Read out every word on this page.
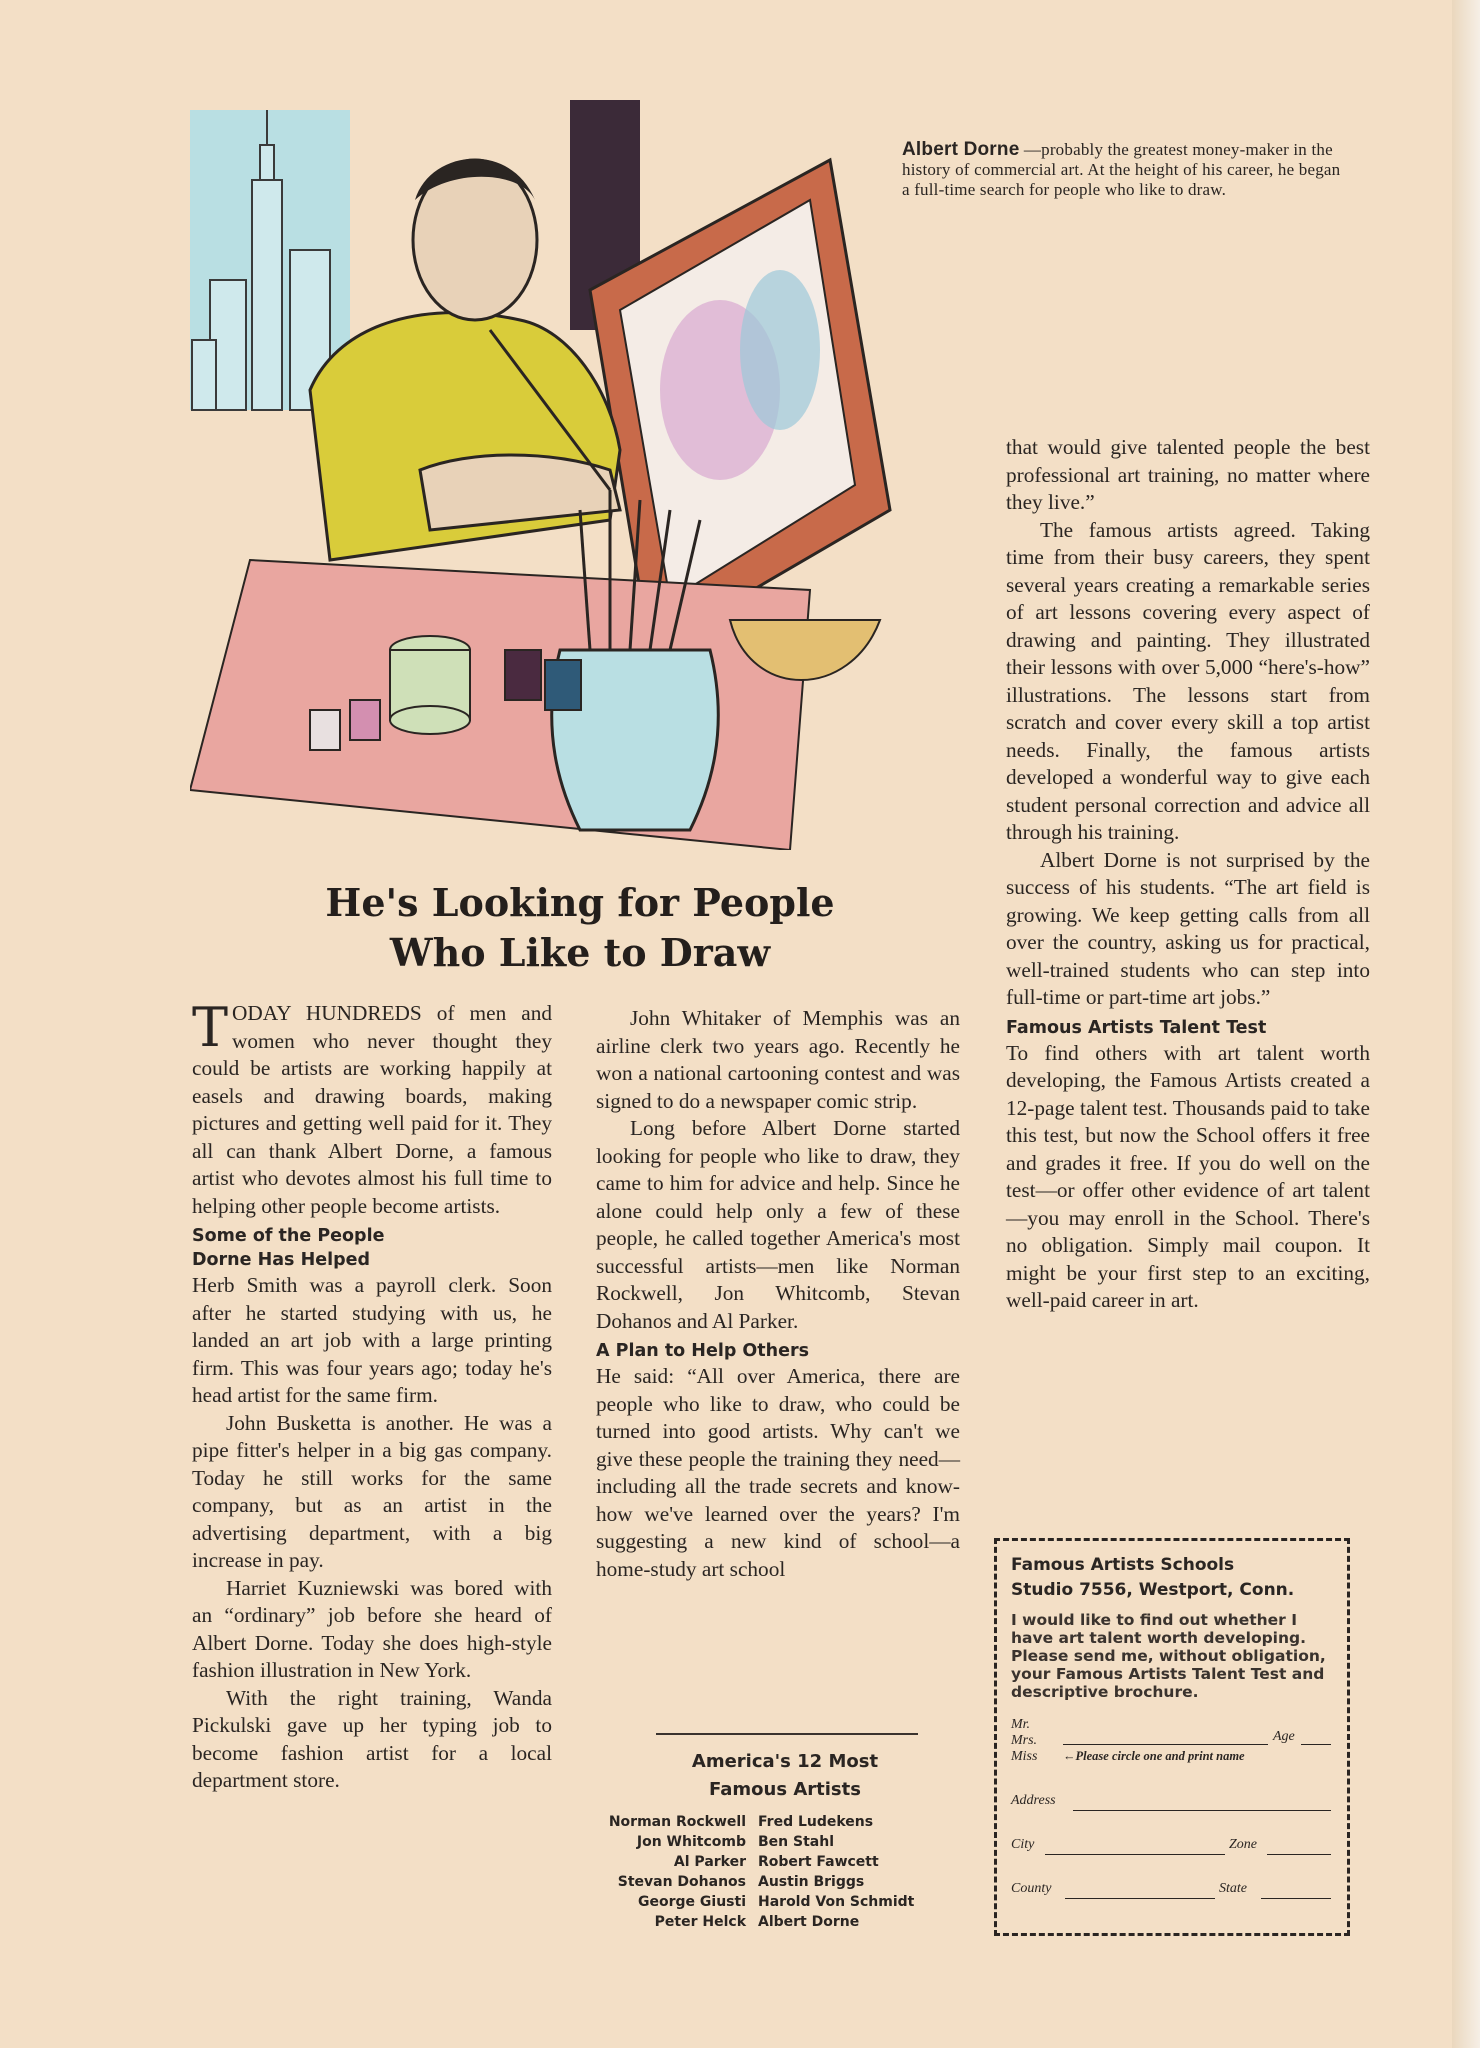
Albert Dorne —probably the greatest money-maker in the history of commercial art. At the height of his career, he began a full-time search for people who like to draw.
He's Looking for People
Who Like to Draw

TODAY HUNDREDS of men and women who never thought they could be artists are working happily at easels and drawing boards, making pictures and getting well paid for it. They all can thank Albert Dorne, a famous artist who devotes almost his full time to helping other people become artists.

Some of the People
Dorne Has Helped

Herb Smith was a payroll clerk. Soon after he started studying with us, he landed an art job with a large printing firm. This was four years ago; today he's head artist for the same firm.

John Busketta is another. He was a pipe fitter's helper in a big gas company. Today he still works for the same company, but as an artist in the advertising department, with a big increase in pay.

Harriet Kuzniewski was bored with an “ordinary” job before she heard of Albert Dorne. Today she does high-style fashion illustration in New York.

With the right training, Wanda Pickulski gave up her typing job to become fashion artist for a local department store.

John Whitaker of Memphis was an airline clerk two years ago. Recently he won a national cartooning contest and was signed to do a newspaper comic strip.

Long before Albert Dorne started looking for people who like to draw, they came to him for advice and help. Since he alone could help only a few of these people, he called together America's most successful artists—men like Norman Rockwell, Jon Whitcomb, Stevan Dohanos and Al Parker.

A Plan to Help Others

He said: “All over America, there are people who like to draw, who could be turned into good artists. Why can't we give these people the training they need—including all the trade secrets and know-how we've learned over the years? I'm suggesting a new kind of school—a home-study art school

America's 12 Most
Famous Artists
Norman Rockwell Fred Ludekens
Jon Whitcomb Ben Stahl
Al Parker Robert Fawcett
Stevan Dohanos Austin Briggs
George Giusti Harold Von Schmidt
Peter Helck Albert Dorne

that would give talented people the best professional art training, no matter where they live.”

The famous artists agreed. Taking time from their busy careers, they spent several years creating a remarkable series of art lessons covering every aspect of drawing and painting. They illustrated their lessons with over 5,000 “here's-how” illustrations. The lessons start from scratch and cover every skill a top artist needs. Finally, the famous artists developed a wonderful way to give each student personal correction and advice all through his training.

Albert Dorne is not surprised by the success of his students. “The art field is growing. We keep getting calls from all over the country, asking us for practical, well-trained students who can step into full-time or part-time art jobs.”

Famous Artists Talent Test

To find others with art talent worth developing, the Famous Artists created a 12-page talent test. Thousands paid to take this test, but now the School offers it free and grades it free. If you do well on the test—or offer other evidence of art talent—you may enroll in the School. There's no obligation. Simply mail coupon. It might be your first step to an exciting, well-paid career in art.

Famous Artists Schools
Studio 7556, Westport, Conn.
I would like to find out whether I have art talent worth developing. Please send me, without obligation, your Famous Artists Talent Test and descriptive brochure.
Mr.
Mrs.
Miss
Age
←Please circle one and print name
Address
City	Zone
County	State
